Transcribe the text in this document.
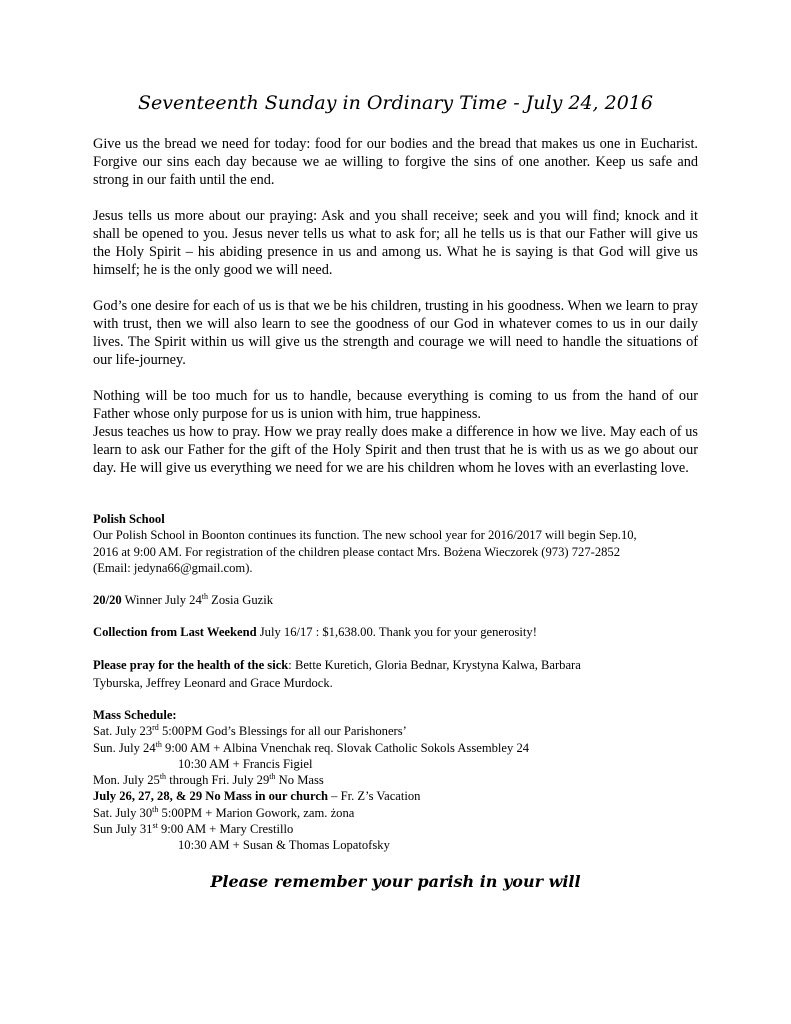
Seventeenth Sunday in Ordinary Time - July 24, 2016
Give us the bread we need for today: food for our bodies and the bread that makes us one in Eucharist. Forgive our sins each day because we ae willing to forgive the sins of one another. Keep us safe and strong in our faith until the end.
Jesus tells us more about our praying: Ask and you shall receive; seek and you will find; knock and it shall be opened to you. Jesus never tells us what to ask for; all he tells us is that our Father will give us the Holy Spirit – his abiding presence in us and among us. What he is saying is that God will give us himself; he is the only good we will need.
God’s one desire for each of us is that we be his children, trusting in his goodness. When we learn to pray with trust, then we will also learn to see the goodness of our God in whatever comes to us in our daily lives. The Spirit within us will give us the strength and courage we will need to handle the situations of our life-journey.
Nothing will be too much for us to handle, because everything is coming to us from the hand of our Father whose only purpose for us is union with him, true happiness.
Jesus teaches us how to pray. How we pray really does make a difference in how we live. May each of us learn to ask our Father for the gift of the Holy Spirit and then trust that he is with us as we go about our day. He will give us everything we need for we are his children whom he loves with an everlasting love.
Polish School
Our Polish School in Boonton continues its function. The new school year for 2016/2017 will begin Sep.10,
2016 at 9:00 AM. For registration of the children please contact Mrs. Bożena Wieczorek (973) 727-2852
(Email: jedyna66@gmail.com).
20/20 Winner July 24th Zosia Guzik
Collection from Last Weekend July 16/17 : $1,638.00. Thank you for your generosity!
Please pray for the health of the sick: Bette Kuretich, Gloria Bednar, Krystyna Kalwa, Barbara
Tyburska, Jeffrey Leonard and Grace Murdock.
Mass Schedule:
Sat. July 23rd 5:00PM God’s Blessings for all our Parishoners’
Sun. July 24th 9:00 AM + Albina Vnenchak req. Slovak Catholic Sokols Assembley 24
10:30 AM + Francis Figiel
Mon. July 25th through Fri. July 29th No Mass
July 26, 27, 28, & 29 No Mass in our church – Fr. Z’s Vacation
Sat. July 30th 5:00PM + Marion Gowork, zam. żona
Sun July 31st 9:00 AM + Mary Crestillo
10:30 AM + Susan & Thomas Lopatofsky
Please remember your parish in your will
